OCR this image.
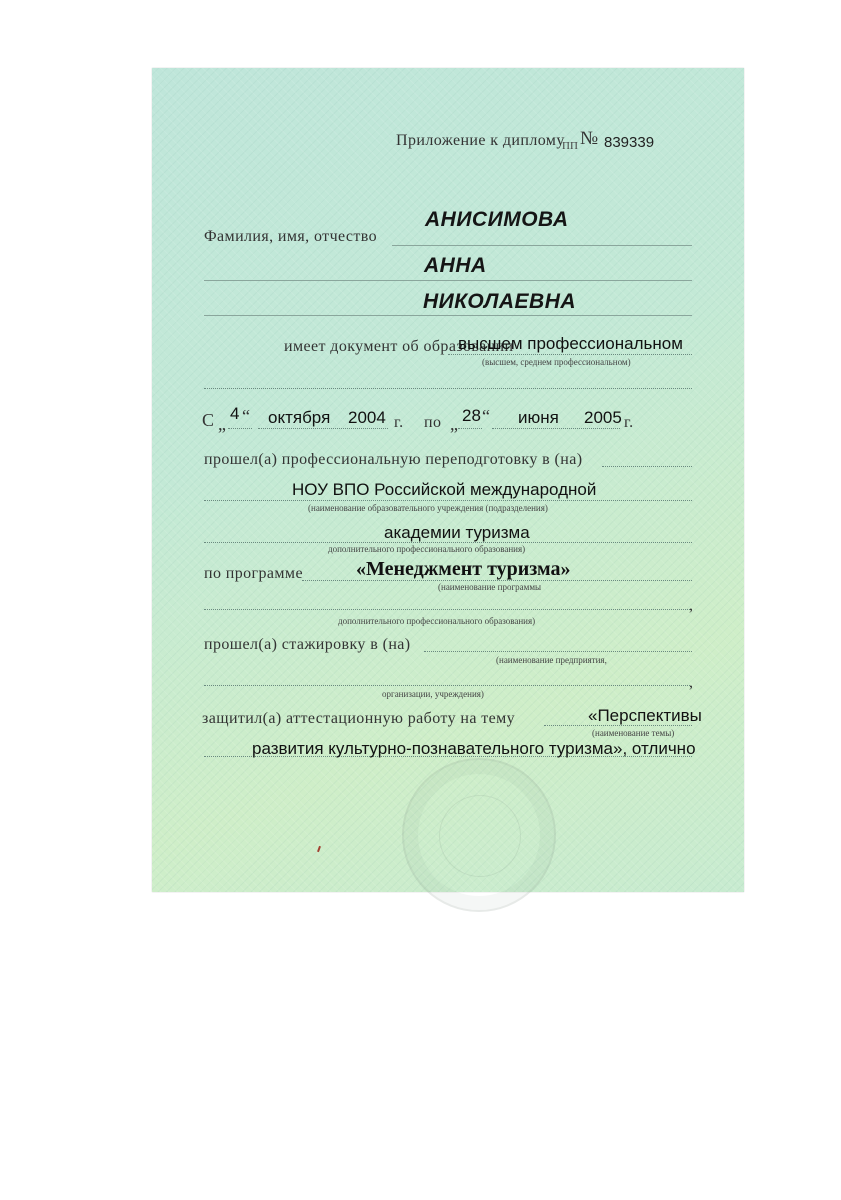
Приложение к диплому
ПП № 839339
Фамилия, имя, отчество
АНИСИМОВА
АННА
НИКОЛАЕВНА
имеет документ об образовании
высшем профессиональном
(высшем, среднем профессиональном)
С „
4 “ октября 2004 г. по „ 28 “ июня 2005 г.
прошел(а) профессиональную переподготовку в (на)
НОУ ВПО Российской международной
(наименование образовательного учреждения (подразделения)
академии туризма
дополнительного профессионального образования)
по программе	«Менеджмент туризма»
(наименование программы
,
дополнительного профессионального образования)
прошел(а) стажировку в (на)
(наименование предприятия,
,
организации, учреждения)
защитил(а) аттестационную работу на тему	«Перспективы
(наименование темы)
развития культурно-познавательного туризма», отлично
